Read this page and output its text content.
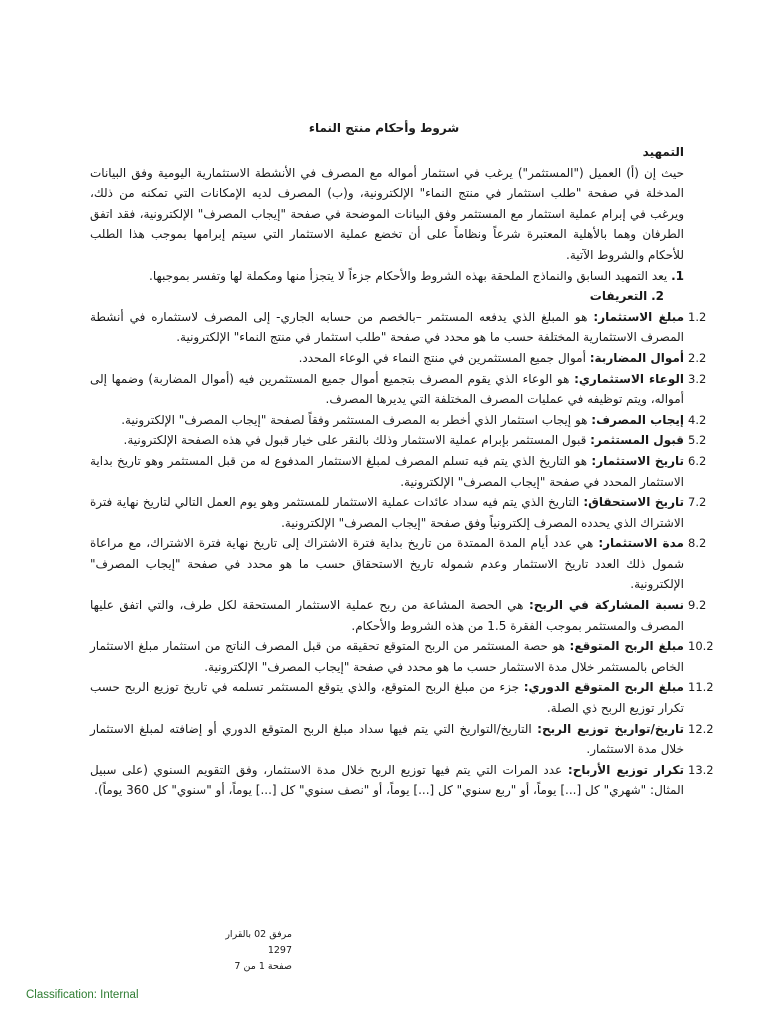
شروط وأحكام منتج النماء

التمهيد

حيث إن (أ) العميل ("المستثمر") يرغب في استثمار أمواله مع المصرف في الأنشطة الاستثمارية اليومية وفق البيانات المدخلة في صفحة "طلب استثمار في منتج النماء" الإلكترونية، و(ب) المصرف لديه الإمكانات التي تمكنه من ذلك، ويرغب في إبرام عملية استثمار مع المستثمر وفق البيانات الموضحة في صفحة "إيجاب المصرف" الإلكترونية، فقد اتفق الطرفان وهما بالأهلية المعتبرة شرعاً ونظاماً على أن تخضع عملية الاستثمار التي سيتم إبرامها بموجب هذا الطلب للأحكام والشروط الآتية.

1. يعد التمهيد السابق والنماذج الملحقة بهذه الشروط والأحكام جزءاً لا يتجزأ منها ومكملة لها وتفسر بموجبها.

2. التعريفات

1.2
مبلغ الاستثمار: هو المبلغ الذي يدفعه المستثمر –بالخصم من حسابه الجاري- إلى المصرف لاستثماره في أنشطة المصرف الاستثمارية المختلفة حسب ما هو محدد في صفحة "طلب استثمار في منتج النماء" الإلكترونية.

2.2
أموال المضاربة: أموال جميع المستثمرين في منتج النماء في الوعاء المحدد.

3.2
الوعاء الاستثماري: هو الوعاء الذي يقوم المصرف بتجميع أموال جميع المستثمرين فيه (أموال المضاربة) وضمها إلى أمواله، ويتم توظيفه في عمليات المصرف المختلفة التي يديرها المصرف.

4.2
إيجاب المصرف: هو إيجاب استثمار الذي أخطر به المصرف المستثمر وفقاً لصفحة "إيجاب المصرف" الإلكترونية.

5.2
قبول المستثمر: قبول المستثمر بإبرام عملية الاستثمار وذلك بالنقر على خيار قبول في هذه الصفحة الإلكترونية.

6.2
تاريخ الاستثمار: هو التاريخ الذي يتم فيه تسلم المصرف لمبلغ الاستثمار المدفوع له من قبل المستثمر وهو تاريخ بداية الاستثمار المحدد في صفحة "إيجاب المصرف" الإلكترونية.

7.2
تاريخ الاستحقاق: التاريخ الذي يتم فيه سداد عائدات عملية الاستثمار للمستثمر وهو يوم العمل التالي لتاريخ نهاية فترة الاشتراك الذي يحدده المصرف إلكترونياً وفق صفحة "إيجاب المصرف" الإلكترونية.

8.2
مدة الاستثمار: هي عدد أيام المدة الممتدة من تاريخ بداية فترة الاشتراك إلى تاريخ نهاية فترة الاشتراك، مع مراعاة شمول ذلك العدد تاريخ الاستثمار وعدم شموله تاريخ الاستحقاق حسب ما هو محدد في صفحة "إيجاب المصرف" الإلكترونية.

9.2
نسبة المشاركة في الربح: هي الحصة المشاعة من ربح عملية الاستثمار المستحقة لكل طرف، والتي اتفق عليها المصرف والمستثمر بموجب الفقرة 1.5 من هذه الشروط والأحكام.

10.2
مبلغ الربح المتوقع: هو حصة المستثمر من الربح المتوقع تحقيقه من قبل المصرف الناتج من استثمار مبلغ الاستثمار الخاص بالمستثمر خلال مدة الاستثمار حسب ما هو محدد في صفحة "إيجاب المصرف" الإلكترونية.

11.2
مبلغ الربح المتوقع الدوري: جزء من مبلغ الربح المتوقع، والذي يتوقع المستثمر تسلمه في تاريخ توزيع الربح حسب تكرار توزيع الربح ذي الصلة.

12.2
تاريخ/تواريخ توزيع الربح: التاريخ/التواريخ التي يتم فيها سداد مبلغ الربح المتوقع الدوري أو إضافته لمبلغ الاستثمار خلال مدة الاستثمار.

13.2
تكرار توزيع الأرباح: عدد المرات التي يتم فيها توزيع الربح خلال مدة الاستثمار، وفق التقويم السنوي (على سبيل المثال: "شهري" كل [...] يوماً، أو "ربع سنوي" كل [...] يوماً، أو "نصف سنوي" كل [...] يوماً، أو "سنوي" كل 360 يوماً).

مرفق 02 بالقرار 1297
صفحة 1 من 7
Classification: Internal
